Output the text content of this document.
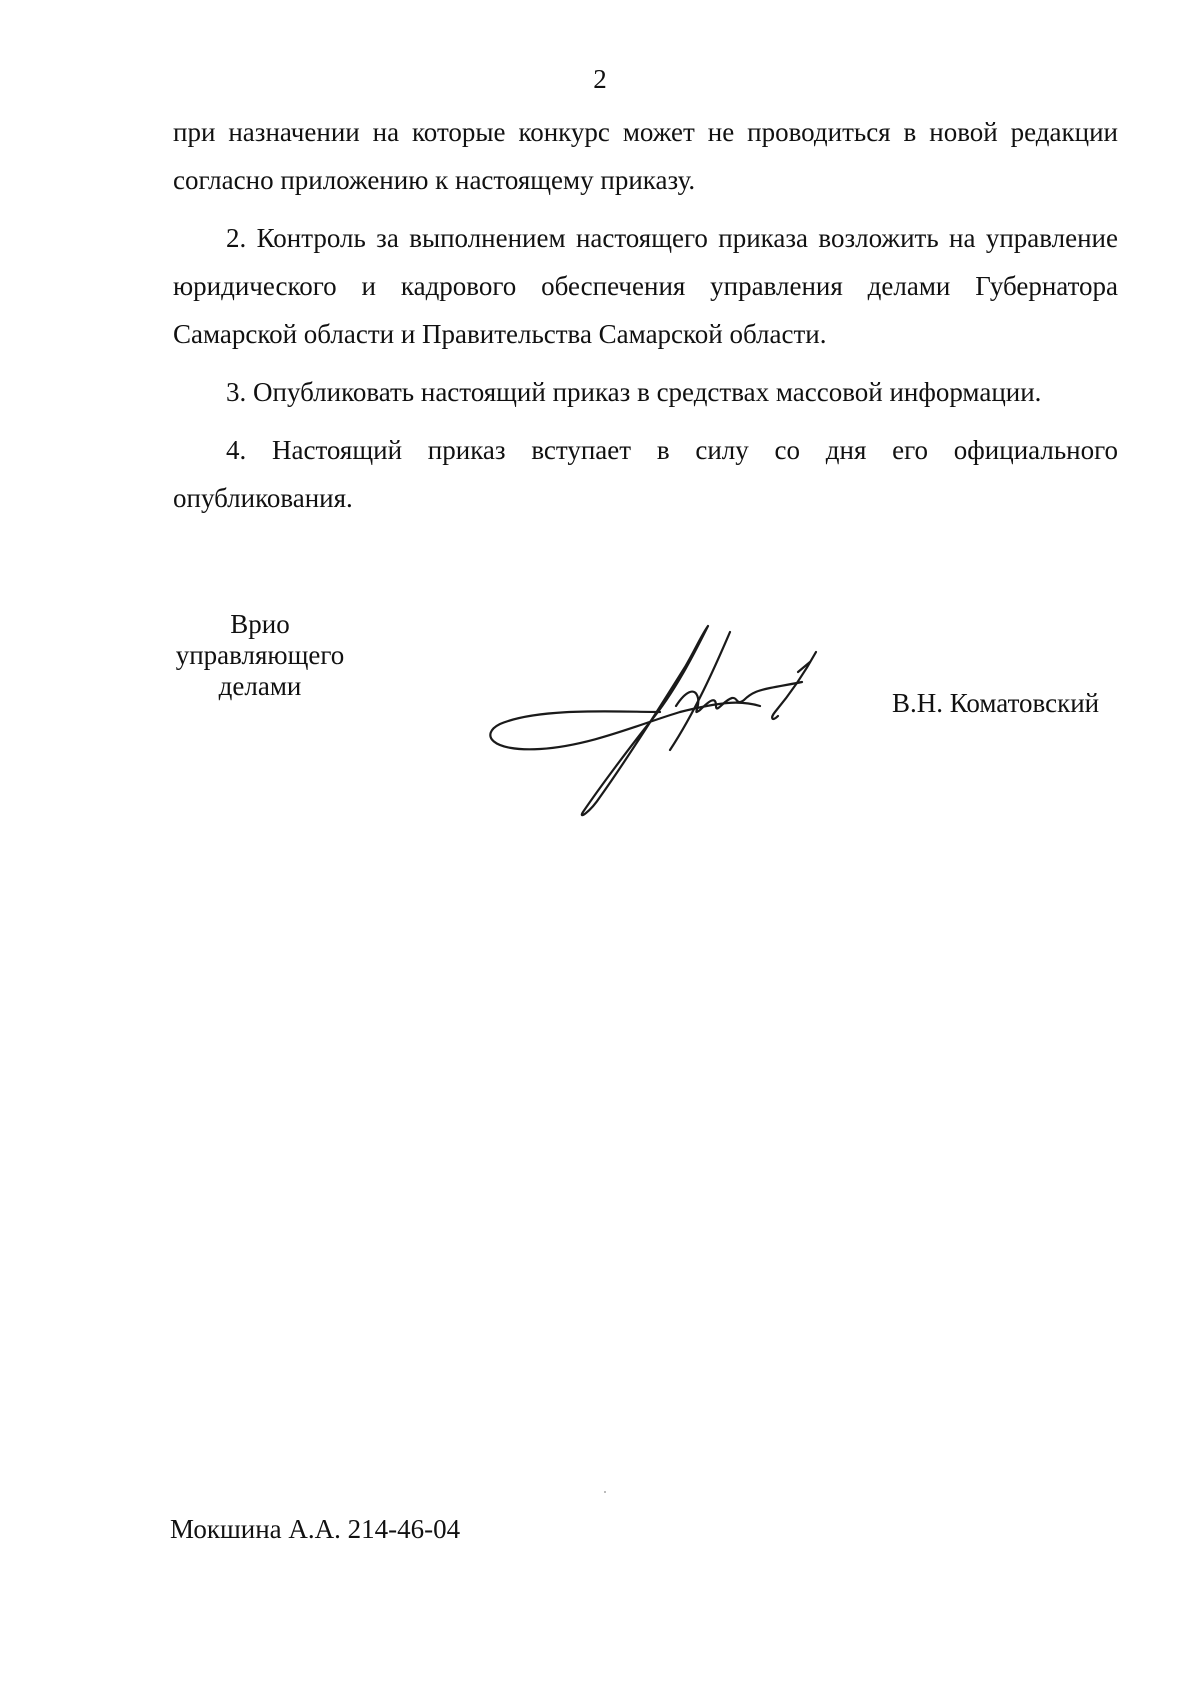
2

при назначении на которые конкурс может не проводиться в новой редакции согласно приложению к настоящему приказу.

2. Контроль за выполнением настоящего приказа возложить на управление юридического и кадрового обеспечения управления делами Губернатора Самарской области и Правительства Самарской области.

3. Опубликовать настоящий приказ в средствах массовой информации.

4. Настоящий приказ вступает в силу со дня его официального опубликования.

Врио
управляющего
делами
В.Н. Коматовский
Мокшина А.А. 214-46-04
